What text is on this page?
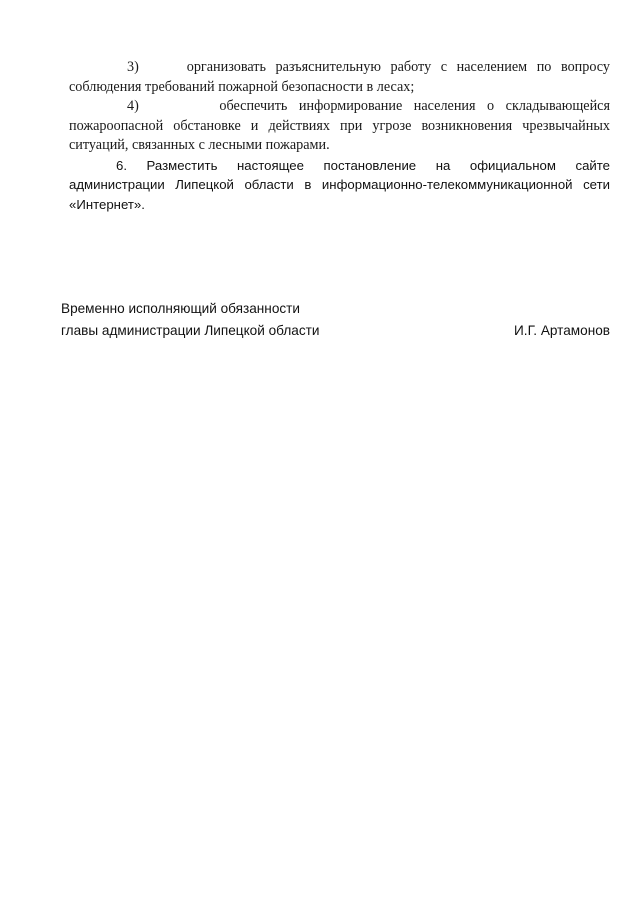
3)	организовать разъяснительную работу с населением по вопросу соблюдения требований пожарной безопасности в лесах;

4)	обеспечить информирование населения о складывающейся пожароопасной обстановке и действиях при угрозе возникновения чрезвычайных ситуаций, связанных с лесными пожарами.

6. Разместить настоящее постановление на официальном сайте администрации Липецкой области в информационно-телекоммуникационной сети «Интернет».

Временно исполняющий обязанности
главы администрации Липецкой области	И.Г. Артамонов
